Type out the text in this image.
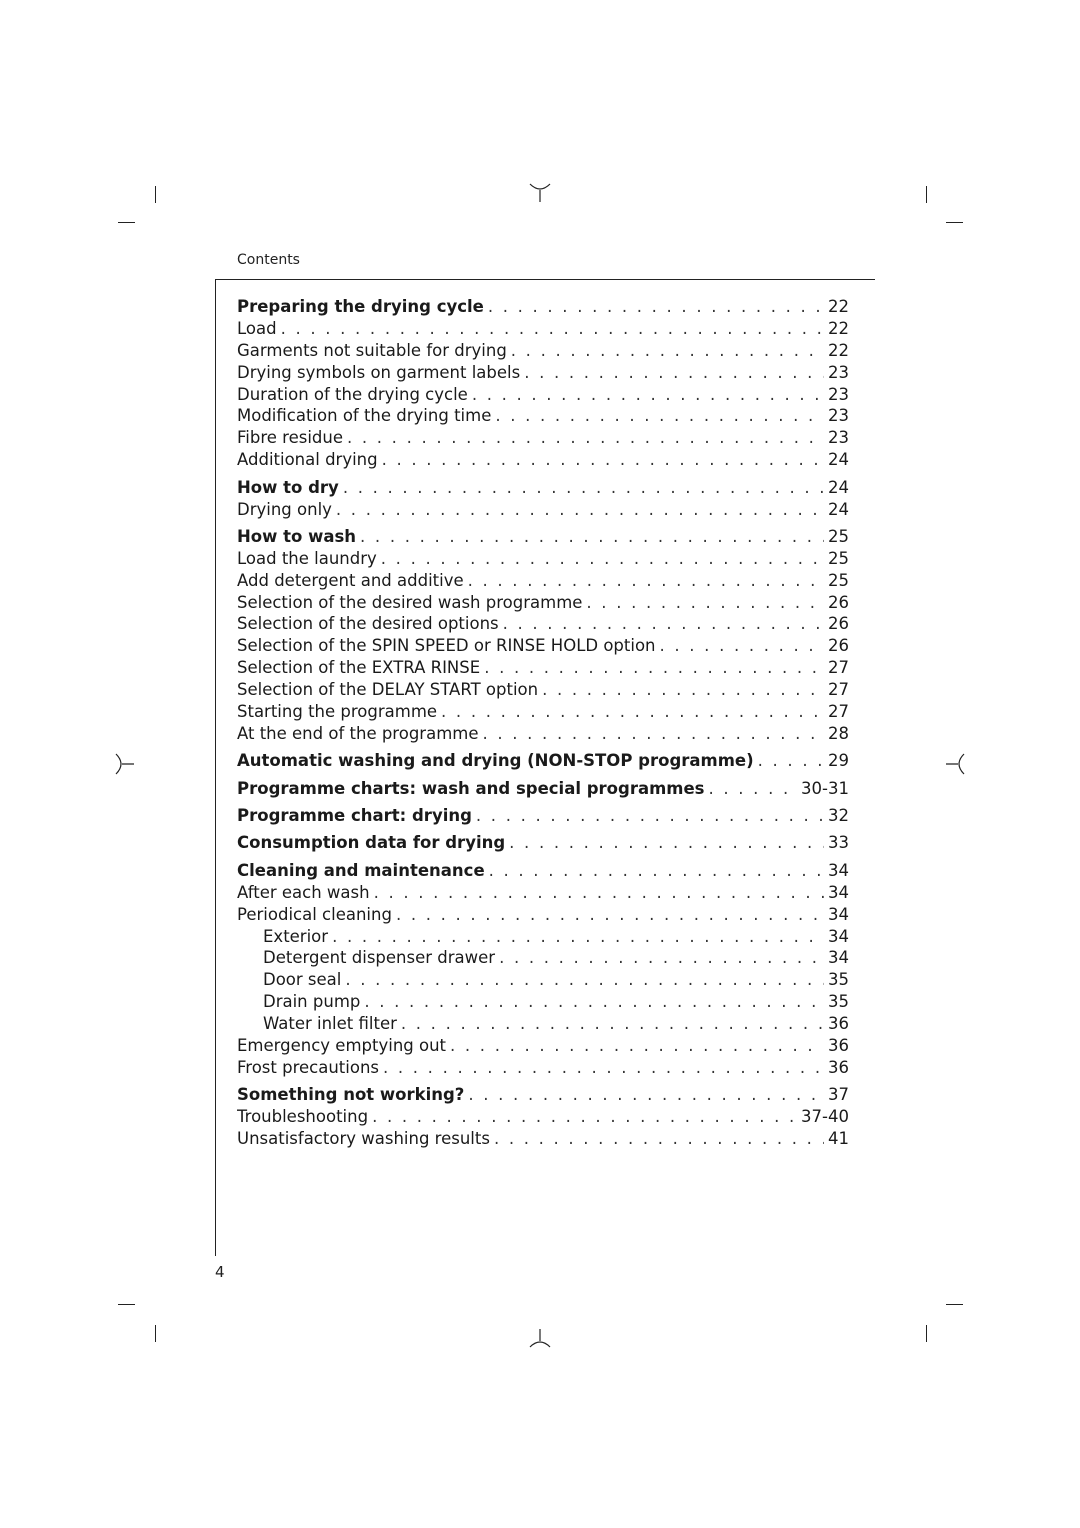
Contents
Preparing the drying cycle . . .	22
Load . . .	22
Garments not suitable for drying . . .	22
Drying symbols on garment labels . . .	23
Duration of the drying cycle . . .	23
Modification of the drying time . . .	23
Fibre residue . . .	23
Additional drying . . .	24
How to dry . . .	24
Drying only . . .	24
How to wash . . .	25
Load the laundry . . .	25
Add detergent and additive . . .	25
Selection of the desired wash programme . . .	26
Selection of the desired options . . .	26
Selection of the SPIN SPEED or RINSE HOLD option . . .	26
Selection of the EXTRA RINSE . . .	27
Selection of the DELAY START option . . .	27
Starting the programme . . .	27
At the end of the programme . . .	28
Automatic washing and drying (NON-STOP programme) . . .	29
Programme charts: wash and special programmes . . .	30-31
Programme chart: drying . . .	32
Consumption data for drying . . .	33
Cleaning and maintenance . . .	34
After each wash . . .	34
Periodical cleaning . . .	34
Exterior . . .	34
Detergent dispenser drawer . . .	34
Door seal . . .	35
Drain pump . . .	35
Water inlet filter . . .	36
Emergency emptying out . . .	36
Frost precautions . . .	36
Something not working? . . .	37
Troubleshooting . . .	37-40
Unsatisfactory washing results . . .	41
4
